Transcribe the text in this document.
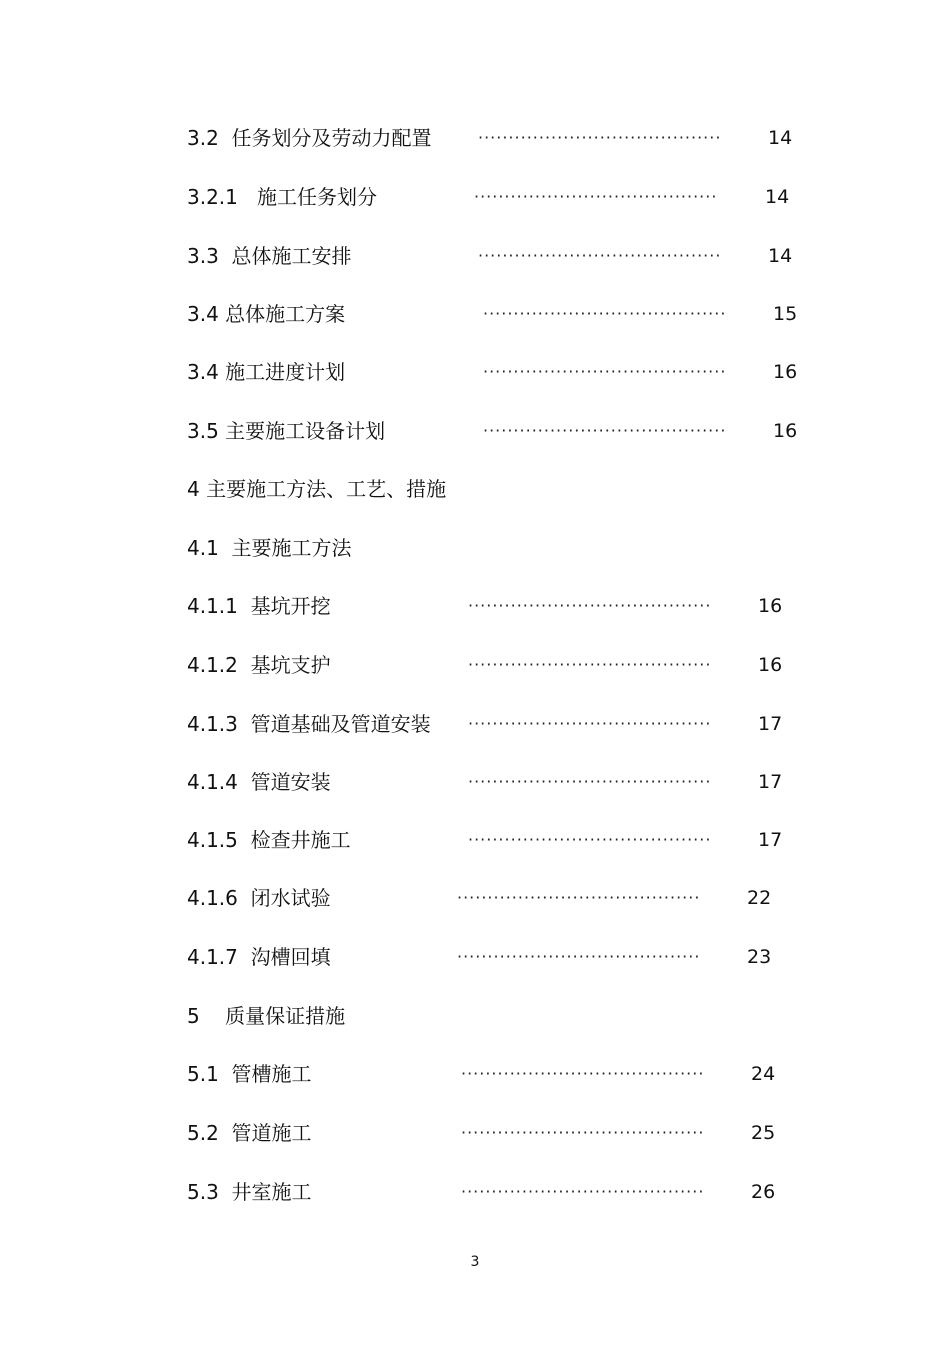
3.2  任务划分及劳动力配置	········································	14
3.2.1   施工任务划分	········································	14
3.3  总体施工安排	········································	14
3.4 总体施工方案	········································	15
3.4 施工进度计划	········································	16
3.5 主要施工设备计划	········································	16
4 主要施工方法、工艺、措施
4.1  主要施工方法
4.1.1  基坑开挖	········································	16
4.1.2  基坑支护	········································	16
4.1.3  管道基础及管道安装 ········································	17
4.1.4  管道安装	········································	17
4.1.5  检查井施工	········································	17
4.1.6  闭水试验	········································	22
4.1.7  沟槽回填	········································	23
5    质量保证措施
5.1  管槽施工	········································	24
5.2  管道施工	········································	25
5.3  井室施工	········································	26
3
